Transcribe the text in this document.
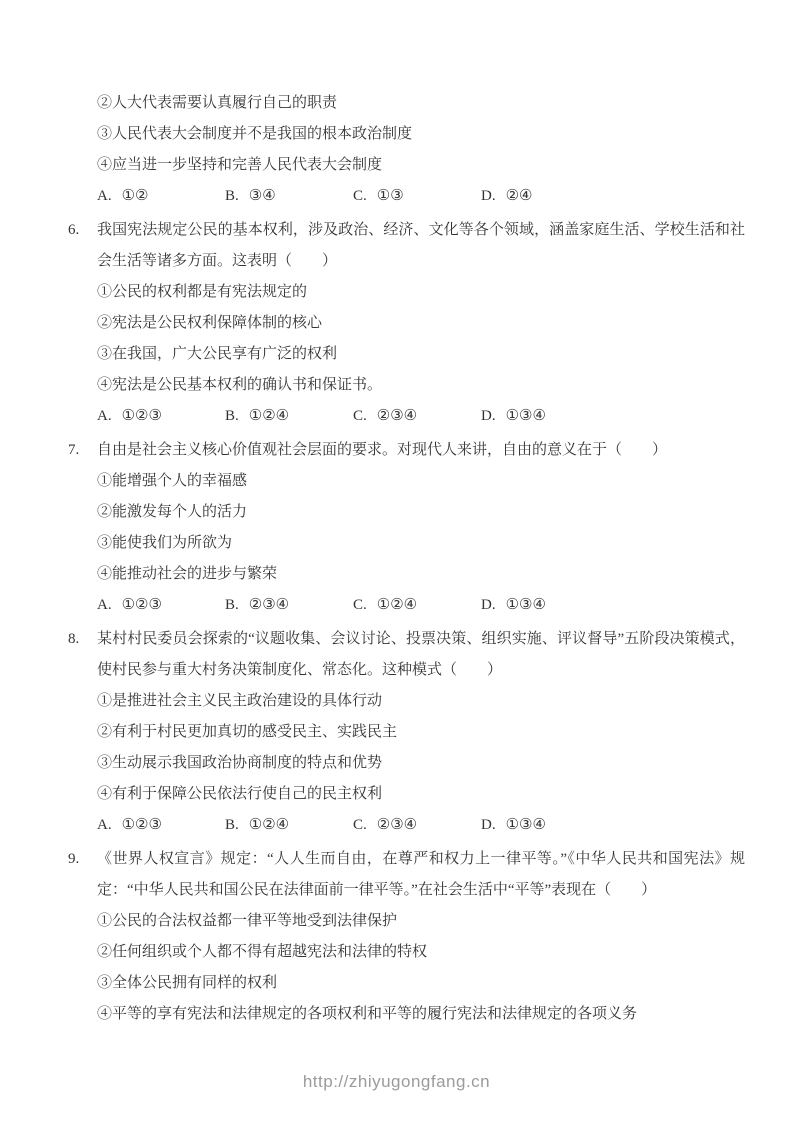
②人大代表需要认真履行自己的职责
③人民代表大会制度并不是我国的根本政治制度
④应当进一步坚持和完善人民代表大会制度
A. ①②	B. ③④	C. ①③	D. ②④
6. 我国宪法规定公民的基本权利，涉及政治、经济、文化等各个领域，涵盖家庭生活、学校生活和社会生活等诸多方面。这表明（　　）
①公民的权利都是有宪法规定的
②宪法是公民权利保障体制的核心
③在我国，广大公民享有广泛的权利
④宪法是公民基本权利的确认书和保证书。
A. ①②③	B. ①②④	C. ②③④	D. ①③④
7. 自由是社会主义核心价值观社会层面的要求。对现代人来讲，自由的意义在于（　　）
①能增强个人的幸福感
②能激发每个人的活力
③能使我们为所欲为
④能推动社会的进步与繁荣
A. ①②③	B. ②③④	C. ①②④	D. ①③④
8. 某村村民委员会探索的“议题收集、会议讨论、投票决策、组织实施、评议督导”五阶段决策模式，使村民参与重大村务决策制度化、常态化。这种模式（　　）
①是推进社会主义民主政治建设的具体行动
②有利于村民更加真切的感受民主、实践民主
③生动展示我国政治协商制度的特点和优势
④有利于保障公民依法行使自己的民主权利
A. ①②③	B. ①②④	C. ②③④	D. ①③④
9. 《世界人权宣言》规定：“人人生而自由，在尊严和权力上一律平等。”《中华人民共和国宪法》规定：“中华人民共和国公民在法律面前一律平等。”在社会生活中“平等”表现在（　　）
①公民的合法权益都一律平等地受到法律保护
②任何组织或个人都不得有超越宪法和法律的特权
③全体公民拥有同样的权利
④平等的享有宪法和法律规定的各项权利和平等的履行宪法和法律规定的各项义务
http://zhiyugongfang.cn
